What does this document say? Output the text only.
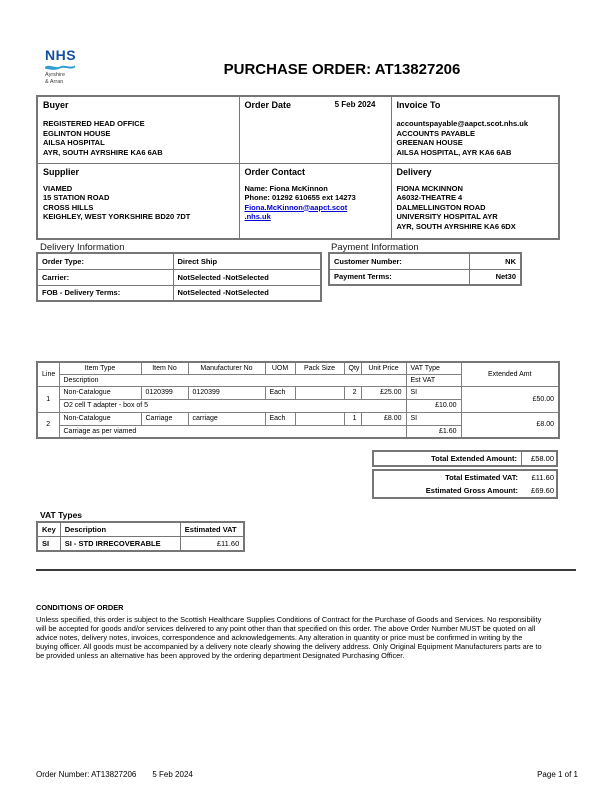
NHS
Ayrshire
& Arran
PURCHASE ORDER: AT13827206
Buyer
REGISTERED HEAD OFFICE
EGLINTON HOUSE
AILSA HOSPITAL
AYR, SOUTH AYRSHIRE KA6 6AB

Order Date	5 Feb 2024	Invoice To
accountspayable@aapct.scot.nhs.uk
ACCOUNTS PAYABLE
GREENAN HOUSE
AILSA HOSPITAL, AYR KA6 6AB

Supplier
VIAMED
15 STATION ROAD
CROSS HILLS
KEIGHLEY, WEST YORKSHIRE BD20 7DT

Order Contact
Name: Fiona McKinnon
Phone: 01292 610655 ext 14273
Fiona.McKinnon@aapct.scot
.nhs.uk

Delivery
FIONA MCKINNON
A6032-THEATRE 4
DALMELLINGTON ROAD
UNIVERSITY HOSPITAL AYR
AYR, SOUTH AYRSHIRE KA6 6DX
Delivery Information
Order Type:	Direct Ship
Carrier:	NotSelected -NotSelected
FOB - Delivery Terms:	NotSelected -NotSelected
Payment Information
Customer Number:	NK
Payment Terms:	Net30
Line	Item Type	Item No	Manufacturer No	UOM	Pack Size	Qty	Unit Price	VAT Type	Extended Amt
	Description							Est VAT	
1	Non-Catalogue	0120399	0120399	Each		2	£25.00	SI	£50.00
	O2 cell T adapter - box of 5							£10.00	
2	Non-Catalogue	Carriage	carriage	Each		1	£8.00	SI	£8.00
	Carriage as per viamed							£1.60	
Total Extended Amount:	£58.00
Total Estimated VAT:	£11.60
Estimated Gross Amount:	£69.60
VAT Types
Key	Description	Estimated VAT
SI	SI - STD IRRECOVERABLE	£11.60
CONDITIONS OF ORDER
Unless specified, this order is subject to the Scottish Healthcare Supplies Conditions of Contract for the Purchase of Goods and Services. No responsibility will be accepted for goods and/or services delivered to any point other than that specified on this order. The above Order Number MUST be quoted on all advice notes, delivery notes, invoices, correspondence and acknowledgements. Any alteration in quantity or price must be confirmed in writing by the buying officer. All goods must be accompanied by a delivery note clearly showing the delivery address. Only Original Equipment Manufacturers parts are to be provided unless an alternative has been approved by the ordering department Designated Purchasing Officer.
Order Number: AT13827206 5 Feb 2024	Page 1 of 1
